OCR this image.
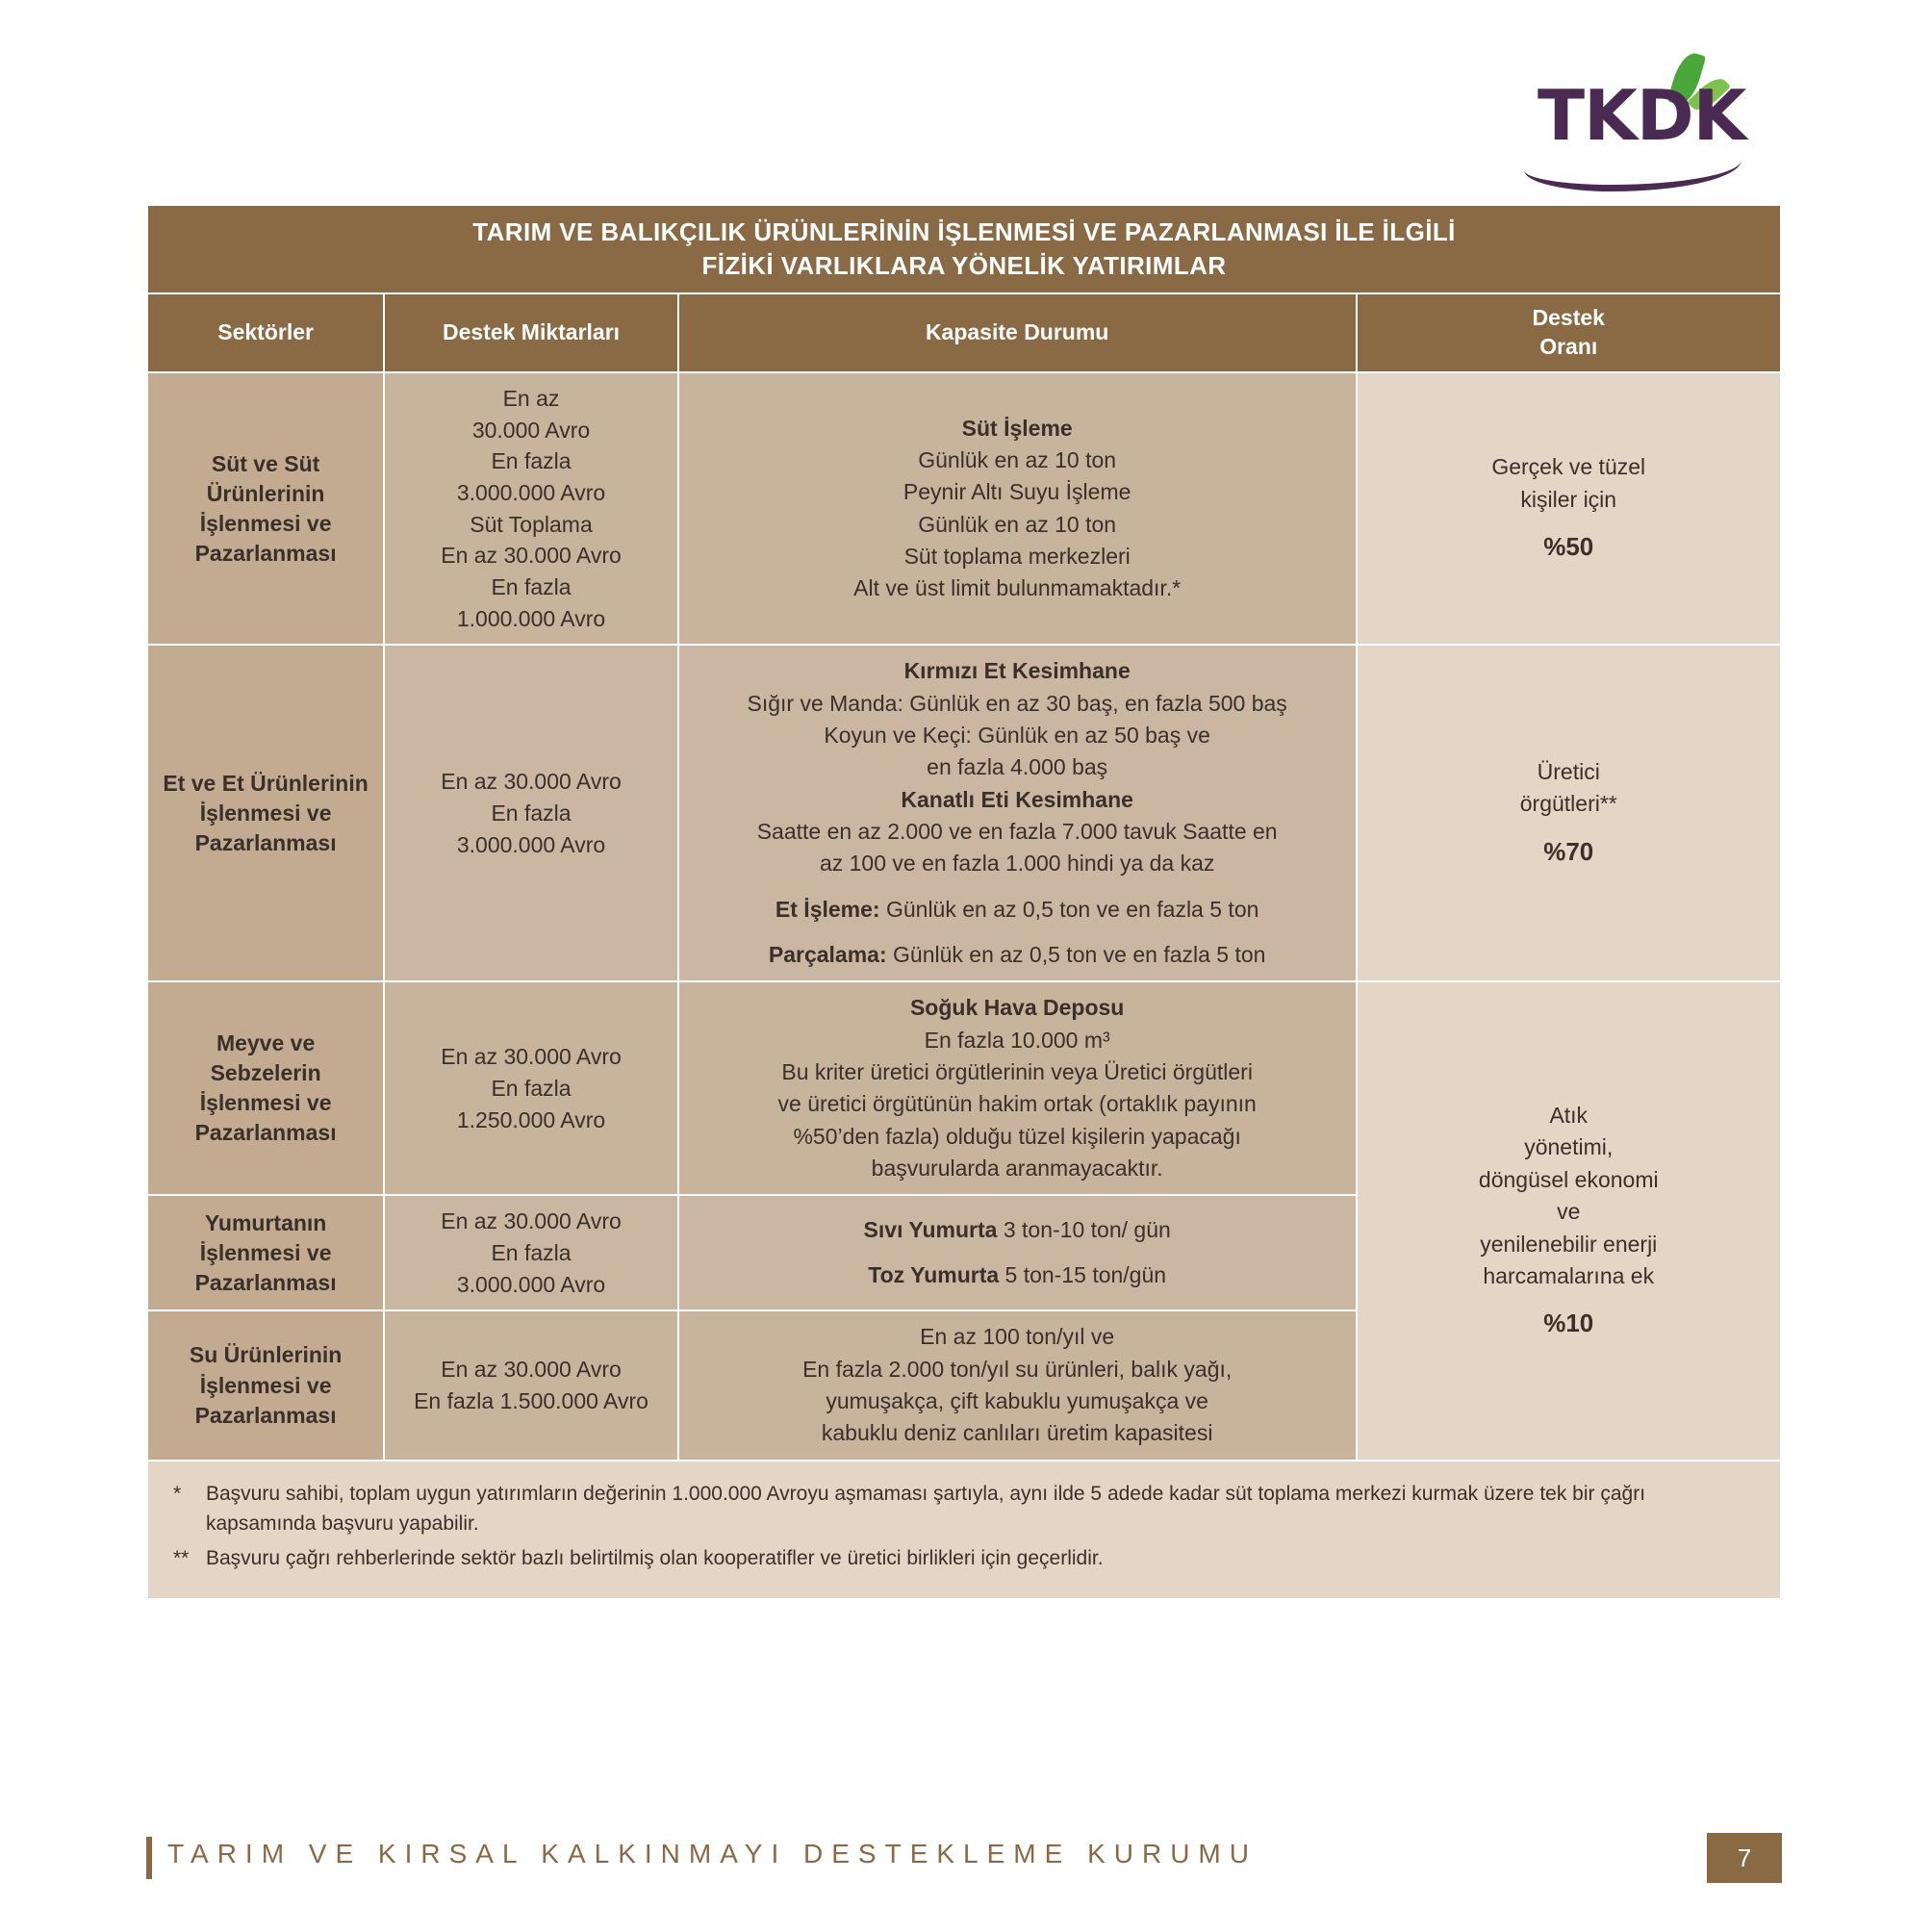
TKDK
TARIM VE BALIKÇILIK ÜRÜNLERİNİN İŞLENMESİ VE PAZARLANMASI İLE İLGİLİ
FİZİKİ VARLIKLARA YÖNELİK YATIRIMLAR			
Sektörler	Destek Miktarları	Kapasite Durumu	Destek
Oranı
Süt ve Süt Ürünlerinin İşlenmesi ve Pazarlanması	En az
30.000 Avro
En fazla
3.000.000 Avro
Süt Toplama
En az 30.000 Avro
En fazla
1.000.000 Avro	Süt İşleme
Günlük en az 10 ton
Peynir Altı Suyu İşleme
Günlük en az 10 ton
Süt toplama merkezleri
Alt ve üst limit bulunmamaktadır.*	Gerçek ve tüzel
kişiler için
%50
Et ve Et Ürünlerinin İşlenmesi ve Pazarlanması	En az 30.000 Avro
En fazla
3.000.000 Avro	Kırmızı Et Kesimhane
Sığır ve Manda: Günlük en az 30 baş, en fazla 500 baş
Koyun ve Keçi: Günlük en az 50 baş ve
en fazla 4.000 baş
Kanatlı Eti Kesimhane
Saatte en az 2.000 ve en fazla 7.000 tavuk Saatte en
az 100 ve en fazla 1.000 hindi ya da kaz
Et İşleme: Günlük en az 0,5 ton ve en fazla 5 ton
Parçalama: Günlük en az 0,5 ton ve en fazla 5 ton	Üretici
örgütleri**
%70
Meyve ve Sebzelerin İşlenmesi ve Pazarlanması	En az 30.000 Avro
En fazla
1.250.000 Avro	Soğuk Hava Deposu
En fazla 10.000 m³
Bu kriter üretici örgütlerinin veya Üretici örgütleri
ve üretici örgütünün hakim ortak (ortaklık payının
%50’den fazla) olduğu tüzel kişilerin yapacağı
başvurularda aranmayacaktır.	Atık
yönetimi,
döngüsel ekonomi
ve
yenilenebilir enerji
harcamalarına ek
%10
Yumurtanın İşlenmesi ve Pazarlanması	En az 30.000 Avro
En fazla
3.000.000 Avro	Sıvı Yumurta 3 ton-10 ton/ gün
Toz Yumurta 5 ton-15 ton/gün	
Su Ürünlerinin İşlenmesi ve Pazarlanması	En az 30.000 Avro
En fazla 1.500.000 Avro	En az 100 ton/yıl ve
En fazla 2.000 ton/yıl su ürünleri, balık yağı,
yumuşakça, çift kabuklu yumuşakça ve
kabuklu deniz canlıları üretim kapasitesi	
*	Başvuru sahibi, toplam uygun yatırımların değerinin 1.000.000 Avroyu aşmaması şartıyla, aynı ilde 5 adede kadar süt toplama merkezi kurmak üzere tek bir çağrı kapsamında başvuru yapabilir.
** Başvuru çağrı rehberlerinde sektör bazlı belirtilmiş olan kooperatifler ve üretici birlikleri için geçerlidir.
TARIM VE KIRSAL KALKINMAYI DESTEKLEME KURUMU	7
